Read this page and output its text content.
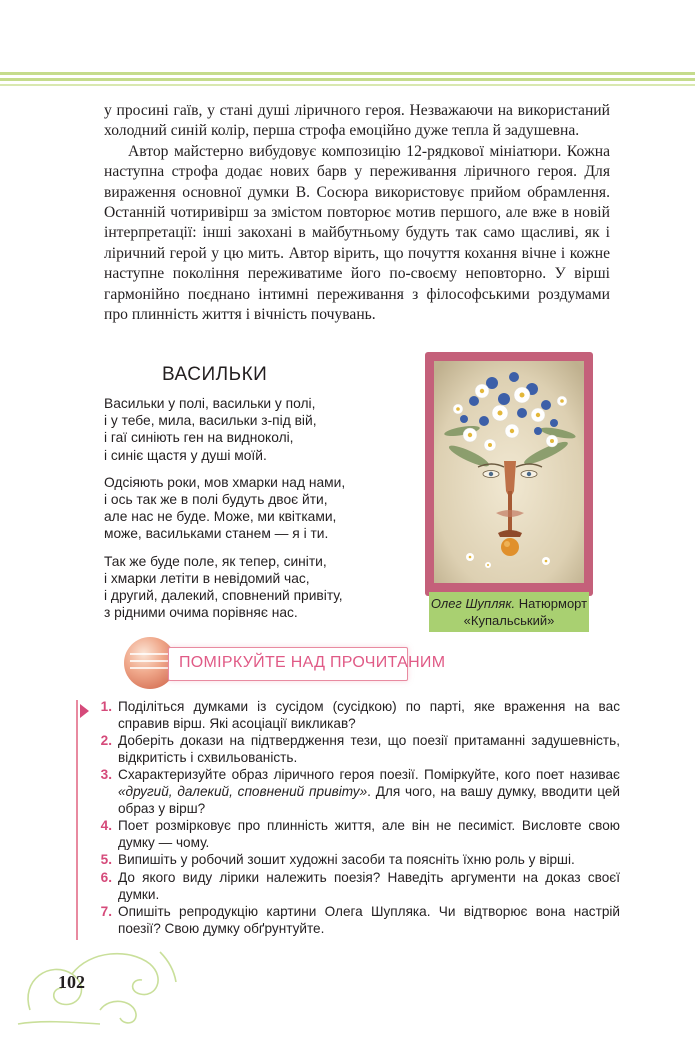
у просині гаїв, у стані душі ліричного героя. Незважаючи на використаний холодний синій колір, перша строфа емоційно дуже тепла й задушевна.

Автор майстерно вибудовує композицію 12-рядкової мініатюри. Кожна наступна строфа додає нових барв у переживання ліричного героя. Для вираження основної думки В. Сосюра використовує прийом обрамлення. Останній чотиривірш за змістом повторює мотив першого, але вже в новій інтерпретації: інші закохані в майбутньому будуть так само щасливі, як і ліричний герой у цю мить. Автор вірить, що почуття кохання вічне і кожне наступне покоління переживатиме його по-своєму неповторно. У вірші гармонійно поєднано інтимні переживання з філософськими роздумами про плинність життя і вічність почувань.

ВАСИЛЬКИ
Васильки у полі, васильки у полі,
і у тебе, мила, васильки з-під вій,
і гаї синіють ген на видноколі,
і синіє щастя у душі моїй.
Одсіяють роки, мов хмарки над нами,
і ось так же в полі будуть двоє йти,
але нас не буде. Може, ми квітками,
може, васильками станем — я і ти.
Так же буде поле, як тепер, синіти,
і хмарки летіти в невідомий час,
і другий, далекий, сповнений привіту,
з рідними очима порівняє нас.
Олег Шупляк. Натюрморт
«Купальський»
ПОМІРКУЙТЕ НАД ПРОЧИТАНИМ
1. Поділіться думками із сусідом (сусідкою) по парті, яке враження на вас справив вірш. Які асоціації викликав?
2. Доберіть докази на підтвердження тези, що поезії притаманні задушевність, відкритість і схвильованість.
3. Схарактеризуйте образ ліричного героя поезії. Поміркуйте, кого поет називає «другий, далекий, сповнений привіту». Для чого, на вашу думку, вводити цей образ у вірш?
4. Поет розмірковує про плинність життя, але він не песиміст. Висловте свою думку — чому.
5. Випишіть у робочий зошит художні засоби та поясніть їхню роль у вірші.
6. До якого виду лірики належить поезія? Наведіть аргументи на доказ своєї думки.
7. Опишіть репродукцію картини Олега Шупляка. Чи відтворює вона настрій поезії? Свою думку обґрунтуйте.
102
